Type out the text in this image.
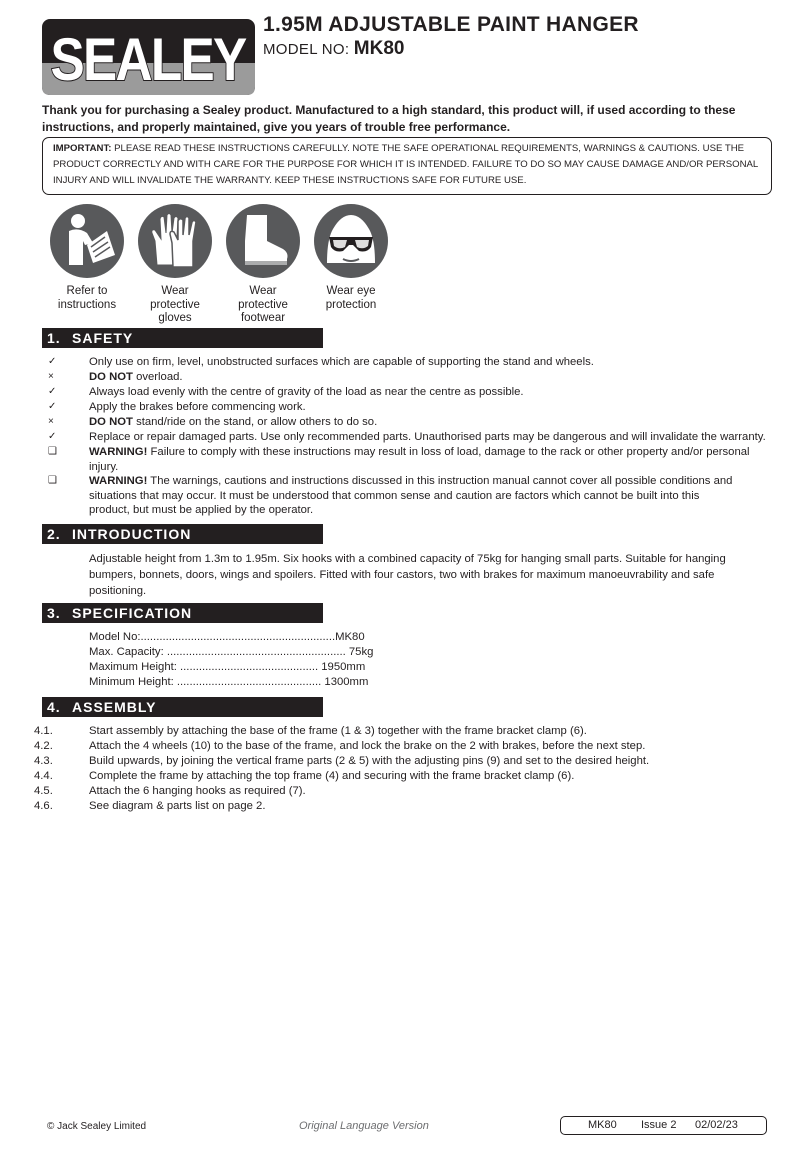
SEALEY
1.95M ADJUSTABLE PAINT HANGER
MODEL NO: MK80
Thank you for purchasing a Sealey product. Manufactured to a high standard, this product will, if used according to these instructions, and properly maintained, give you years of trouble free performance.
IMPORTANT: PLEASE READ THESE INSTRUCTIONS CAREFULLY. NOTE THE SAFE OPERATIONAL REQUIREMENTS, WARNINGS & CAUTIONS. USE THE PRODUCT CORRECTLY AND WITH CARE FOR THE PURPOSE FOR WHICH IT IS INTENDED. FAILURE TO DO SO MAY CAUSE DAMAGE AND/OR PERSONAL INJURY AND WILL INVALIDATE THE WARRANTY. KEEP THESE INSTRUCTIONS SAFE FOR FUTURE USE.
Refer to instructions
Wear protective gloves
Wear protective footwear
Wear eye protection
1. SAFETY
✓	Only use on firm, level, unobstructed surfaces which are capable of supporting the stand and wheels.
×	DO NOT overload.
✓	Always load evenly with the centre of gravity of the load as near the centre as possible.
✓	Apply the brakes before commencing work.
×	DO NOT stand/ride on the stand, or allow others to do so.
✓	Replace or repair damaged parts. Use only recommended parts. Unauthorised parts may be dangerous and will invalidate the warranty.
❑	WARNING! Failure to comply with these instructions may result in loss of load, damage to the rack or other property and/or personal injury.
❑	WARNING! The warnings, cautions and instructions discussed in this instruction manual cannot cover all possible conditions and situations that may occur. It must be understood that common sense and caution are factors which cannot be built into this product, but must be applied by the operator.
2. INTRODUCTION
Adjustable height from 1.3m to 1.95m. Six hooks with a combined capacity of 75kg for hanging small parts. Suitable for hanging bumpers, bonnets, doors, wings and spoilers. Fitted with four castors, two with brakes for maximum manoeuvrability and safe positioning.
3. SPECIFICATION
Model No:..............................................................MK80
Max. Capacity: ......................................................... 75kg
Maximum Height: ............................................ 1950mm
Minimum Height: .............................................. 1300mm
4. ASSEMBLY
4.1.	Start assembly by attaching the base of the frame (1 & 3) together with the frame bracket clamp (6).
4.2.	Attach the 4 wheels (10) to the base of the frame, and lock the brake on the 2 with brakes, before the next step.
4.3.	Build upwards, by joining the vertical frame parts (2 & 5) with the adjusting pins (9) and set to the desired height.
4.4.	Complete the frame by attaching the top frame (4) and securing with the frame bracket clamp (6).
4.5.	Attach the 6 hanging hooks as required (7).
4.6.	See diagram & parts list on page 2.
© Jack Sealey Limited	Original Language Version	MK80 Issue 2 02/02/23
